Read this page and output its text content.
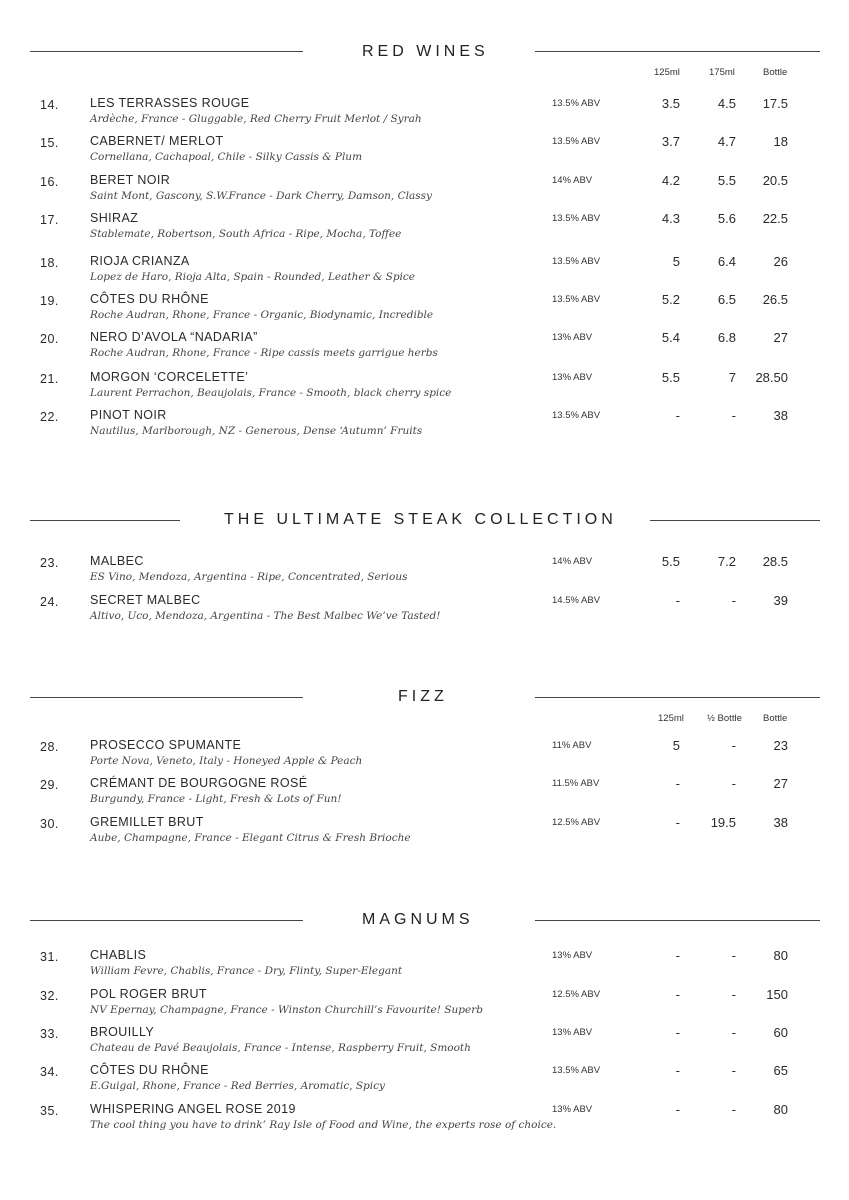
RED WINES
125ml	175ml	Bottle
14. LES TERRASSES ROUGE
Ardèche, France - Gluggable, Red Cherry Fruit Merlot / Syrah
13.5% ABV	3.5	4.5	17.5
15. CABERNET/ MERLOT
Cornellana, Cachapoal, Chile - Silky Cassis & Plum
13.5% ABV	3.7	4.7	18
16. BERET NOIR
Saint Mont, Gascony, S.W.France - Dark Cherry, Damson, Classy
14% ABV	4.2	5.5	20.5
17. SHIRAZ
Stablemate, Robertson, South Africa - Ripe, Mocha, Toffee
13.5% ABV	4.3	5.6	22.5
18. RIOJA CRIANZA
Lopez de Haro, Rioja Alta, Spain - Rounded, Leather & Spice
13.5% ABV	5	6.4	26
19. CÔTES DU RHÔNE
Roche Audran, Rhone, France - Organic, Biodynamic, Incredible
13.5% ABV	5.2	6.5	26.5
20. NERO D’AVOLA “NADARIA”
Roche Audran, Rhone, France - Ripe cassis meets garrigue herbs
13% ABV	5.4	6.8	27
21. MORGON ‘CORCELETTE’
Laurent Perrachon, Beaujolais, France - Smooth, black cherry spice
13% ABV	5.5	7	28.50
22. PINOT NOIR
Nautilus, Marlborough, NZ - Generous, Dense ‘Autumn’ Fruits
13.5% ABV	-	-	38
THE ULTIMATE STEAK COLLECTION
23. MALBEC
ES Vino, Mendoza, Argentina - Ripe, Concentrated, Serious
14% ABV	5.5	7.2	28.5
24. SECRET MALBEC
Altivo, Uco, Mendoza, Argentina - The Best Malbec We’ve Tasted!
14.5% ABV	-	-	39
FIZZ
125ml ½ Bottle Bottle
28. PROSECCO SPUMANTE
Porte Nova, Veneto, Italy - Honeyed Apple & Peach
11% ABV	5	-	23
29. CRÉMANT DE BOURGOGNE ROSÉ
Burgundy, France - Light, Fresh & Lots of Fun!
11.5% ABV	-	-	27
30. GREMILLET BRUT
Aube, Champagne, France - Elegant Citrus & Fresh Brioche
12.5% ABV	-	19.5	38
MAGNUMS
31. CHABLIS
William Fevre, Chablis, France - Dry, Flinty, Super-Elegant
13% ABV	-	-	80
32. POL ROGER BRUT
NV Epernay, Champagne, France - Winston Churchill’s Favourite! Superb
12.5% ABV	-	-	150
33. BROUILLY
Chateau de Pavé Beaujolais, France - Intense, Raspberry Fruit, Smooth
13% ABV	-	-	60
34. CÔTES DU RHÔNE
E.Guigal, Rhone, France - Red Berries, Aromatic, Spicy
13.5% ABV	-	-	65
35. WHISPERING ANGEL ROSE 2019
The cool thing you have to drink’ Ray Isle of Food and Wine, the experts rose of choice.
13% ABV	-	-	80
